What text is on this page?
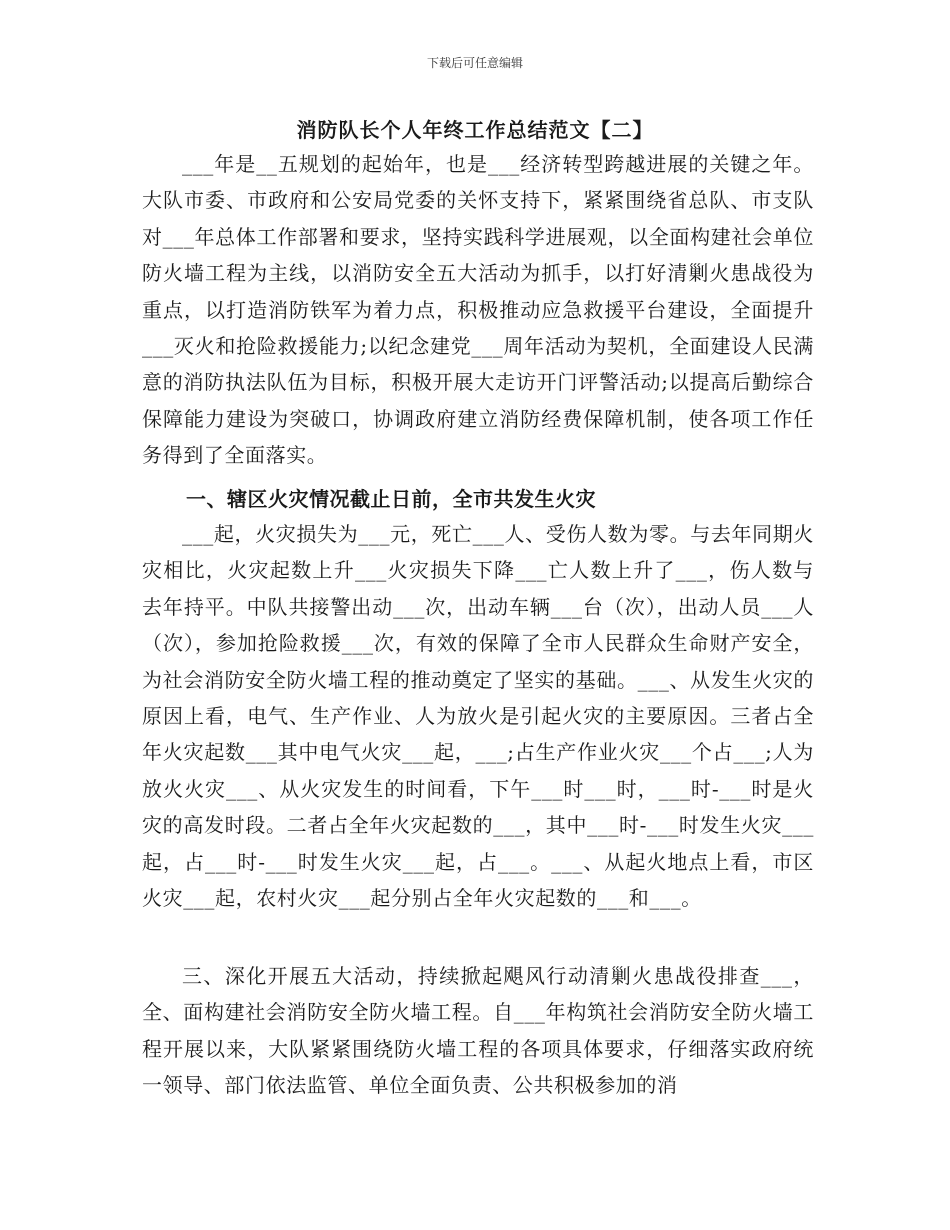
下载后可任意编辑
消防队长个人年终工作总结范文【二】
___年是__五规划的起始年，也是___经济转型跨越进展的关键之年。大队市委、市政府和公安局党委的关怀支持下，紧紧围绕省总队、市支队对___年总体工作部署和要求，坚持实践科学进展观，以全面构建社会单位防火墙工程为主线，以消防安全五大活动为抓手，以打好清剿火患战役为重点，以打造消防铁军为着力点，积极推动应急救援平台建设，全面提升___灭火和抢险救援能力;以纪念建党___周年活动为契机，全面建设人民满意的消防执法队伍为目标，积极开展大走访开门评警活动;以提高后勤综合保障能力建设为突破口，协调政府建立消防经费保障机制，使各项工作任务得到了全面落实。
一、辖区火灾情况截止日前，全市共发生火灾
___起，火灾损失为___元，死亡___人、受伤人数为零。与去年同期火灾相比，火灾起数上升___火灾损失下降___亡人数上升了___，伤人数与去年持平。中队共接警出动___次，出动车辆___台（次），出动人员___人（次），参加抢险救援___次，有效的保障了全市人民群众生命财产安全，为社会消防安全防火墙工程的推动奠定了坚实的基础。___、从发生火灾的原因上看，电气、生产作业、人为放火是引起火灾的主要原因。三者占全年火灾起数___其中电气火灾___起，___;占生产作业火灾___个占___;人为放火火灾___、从火灾发生的时间看，下午___时___时，___时-___时是火灾的高发时段。二者占全年火灾起数的___，其中___时-___时发生火灾___起，占___时-___时发生火灾___起，占___。___、从起火地点上看，市区火灾___起，农村火灾___起分别占全年火灾起数的___和___。
三、深化开展五大活动，持续掀起飓风行动清剿火患战役排查___，全、面构建社会消防安全防火墙工程。自___年构筑社会消防安全防火墙工程开展以来，大队紧紧围绕防火墙工程的各项具体要求，仔细落实政府统一领导、部门依法监管、单位全面负责、公共积极参加的消
